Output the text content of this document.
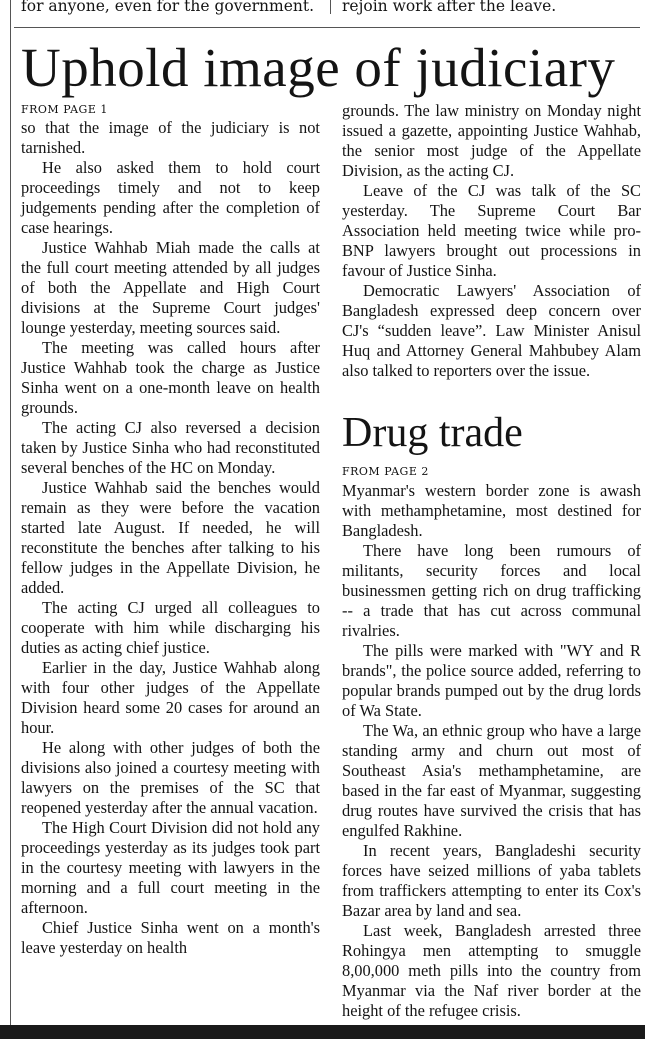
for anyone, even for the government. rejoin work after the leave.
Uphold image of judiciary
FROM PAGE 1

so that the image of the judiciary is not tarnished.

He also asked them to hold court proceedings timely and not to keep judgements pending after the completion of case hearings.

Justice Wahhab Miah made the calls at the full court meeting attended by all judges of both the Appellate and High Court divisions at the Supreme Court judges' lounge yesterday, meeting sources said.

The meeting was called hours after Justice Wahhab took the charge as Justice Sinha went on a one-month leave on health grounds.

The acting CJ also reversed a decision taken by Justice Sinha who had reconstituted several benches of the HC on Monday.

Justice Wahhab said the benches would remain as they were before the vacation started late August. If needed, he will reconstitute the benches after talking to his fellow judges in the Appellate Division, he added.

The acting CJ urged all colleagues to cooperate with him while discharging his duties as acting chief justice.

Earlier in the day, Justice Wahhab along with four other judges of the Appellate Division heard some 20 cases for around an hour.

He along with other judges of both the divisions also joined a courtesy meeting with lawyers on the premises of the SC that reopened yesterday after the annual vacation.

The High Court Division did not hold any proceedings yesterday as its judges took part in the courtesy meeting with lawyers in the morning and a full court meeting in the afternoon.

Chief Justice Sinha went on a month's leave yesterday on health

grounds. The law ministry on Monday night issued a gazette, appointing Justice Wahhab, the senior most judge of the Appellate Division, as the acting CJ.

Leave of the CJ was talk of the SC yesterday. The Supreme Court Bar Association held meeting twice while pro-BNP lawyers brought out processions in favour of Justice Sinha.

Democratic Lawyers' Association of Bangladesh expressed deep concern over CJ's “sudden leave”. Law Minister Anisul Huq and Attorney General Mahbubey Alam also talked to reporters over the issue.

Drug trade
FROM PAGE 2

Myanmar's western border zone is awash with methamphetamine, most destined for Bangladesh.

There have long been rumours of militants, security forces and local businessmen getting rich on drug trafficking -- a trade that has cut across communal rivalries.

The pills were marked with "WY and R brands", the police source added, referring to popular brands pumped out by the drug lords of Wa State.

The Wa, an ethnic group who have a large standing army and churn out most of Southeast Asia's methamphetamine, are based in the far east of Myanmar, suggesting drug routes have survived the crisis that has engulfed Rakhine.

In recent years, Bangladeshi security forces have seized millions of yaba tablets from traffickers attempting to enter its Cox's Bazar area by land and sea.

Last week, Bangladesh arrested three Rohingya men attempting to smuggle 8,00,000 meth pills into the country from Myanmar via the Naf river border at the height of the refugee crisis.
